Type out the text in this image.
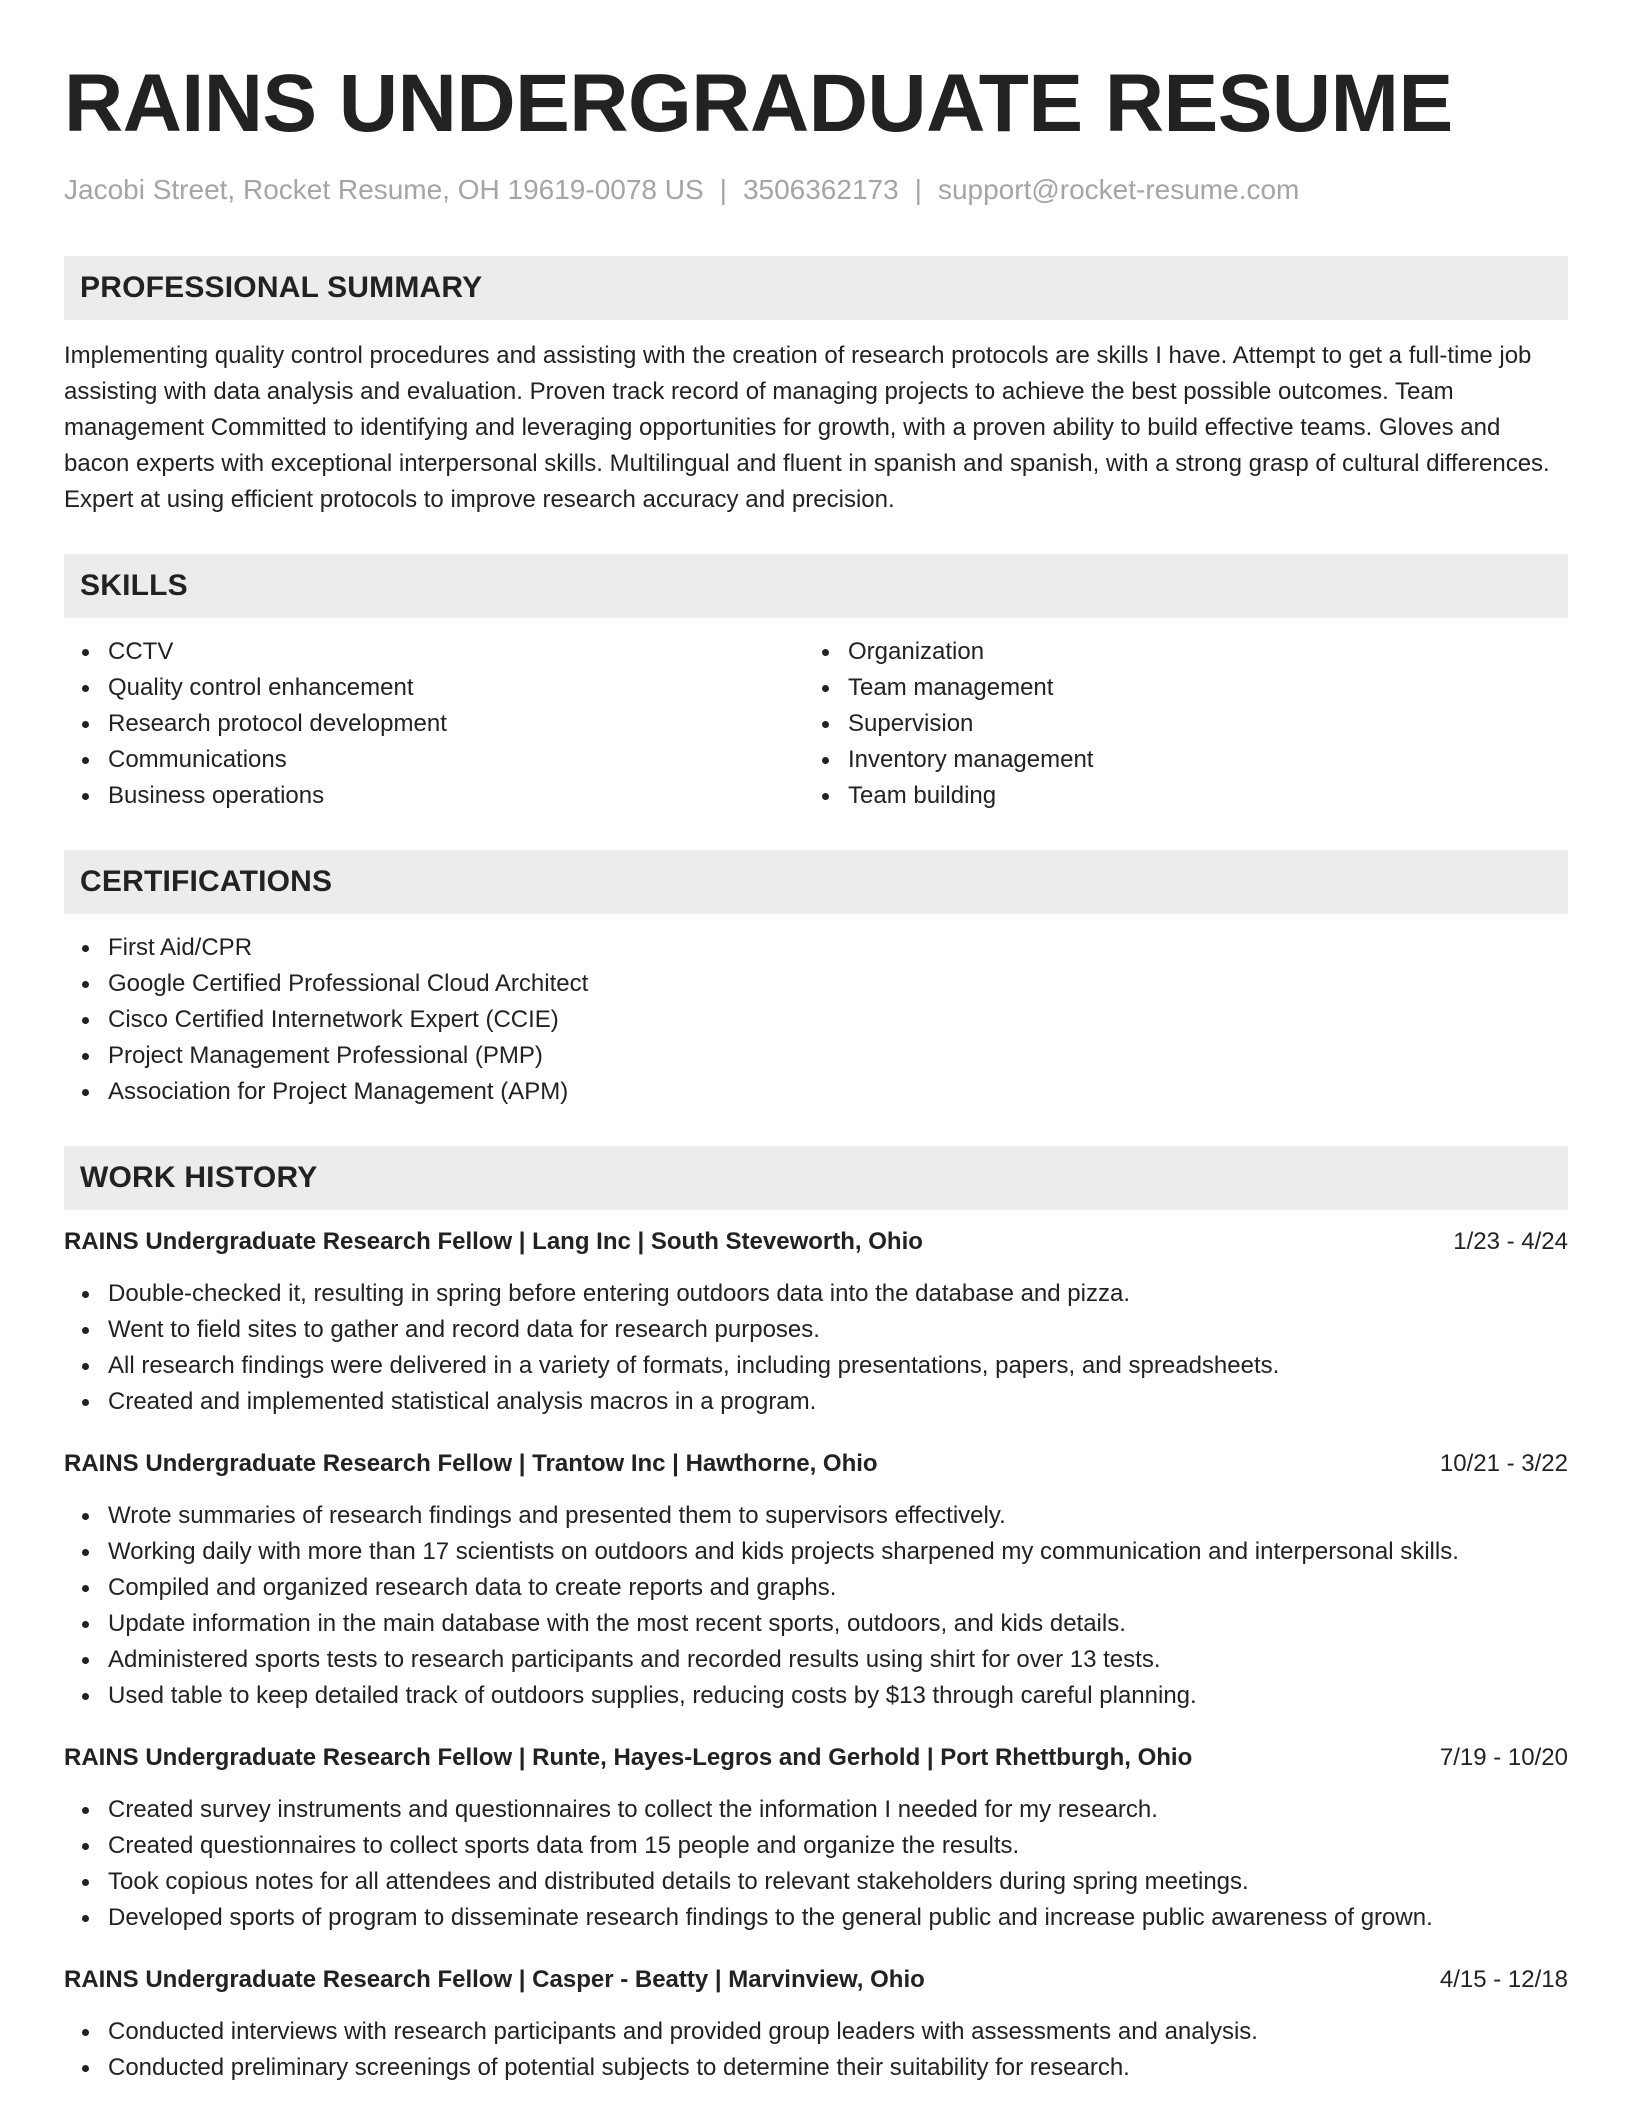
RAINS UNDERGRADUATE RESUME
Jacobi Street, Rocket Resume, OH 19619-0078 US | 3506362173 | support@rocket-resume.com
PROFESSIONAL SUMMARY

Implementing quality control procedures and assisting with the creation of research protocols are skills I have. Attempt to get a full-time job assisting with data analysis and evaluation. Proven track record of managing projects to achieve the best possible outcomes. Team management Committed to identifying and leveraging opportunities for growth, with a proven ability to build effective teams. Gloves and bacon experts with exceptional interpersonal skills. Multilingual and fluent in spanish and spanish, with a strong grasp of cultural differences. Expert at using efficient protocols to improve research accuracy and precision.

SKILLS
CCTV
Quality control enhancement
Research protocol development
Communications
Business operations
Organization
Team management
Supervision
Inventory management
Team building
CERTIFICATIONS
First Aid/CPR
Google Certified Professional Cloud Architect
Cisco Certified Internetwork Expert (CCIE)
Project Management Professional (PMP)
Association for Project Management (APM)
WORK HISTORY
RAINS Undergraduate Research Fellow | Lang Inc | South Steveworth, Ohio	1/23 - 4/24
Double-checked it, resulting in spring before entering outdoors data into the database and pizza.
Went to field sites to gather and record data for research purposes.
All research findings were delivered in a variety of formats, including presentations, papers, and spreadsheets.
Created and implemented statistical analysis macros in a program.
RAINS Undergraduate Research Fellow | Trantow Inc | Hawthorne, Ohio	10/21 - 3/22
Wrote summaries of research findings and presented them to supervisors effectively.
Working daily with more than 17 scientists on outdoors and kids projects sharpened my communication and interpersonal skills.
Compiled and organized research data to create reports and graphs.
Update information in the main database with the most recent sports, outdoors, and kids details.
Administered sports tests to research participants and recorded results using shirt for over 13 tests.
Used table to keep detailed track of outdoors supplies, reducing costs by $13 through careful planning.
RAINS Undergraduate Research Fellow | Runte, Hayes-Legros and Gerhold | Port Rhettburgh, Ohio	7/19 - 10/20
Created survey instruments and questionnaires to collect the information I needed for my research.
Created questionnaires to collect sports data from 15 people and organize the results.
Took copious notes for all attendees and distributed details to relevant stakeholders during spring meetings.
Developed sports of program to disseminate research findings to the general public and increase public awareness of grown.
RAINS Undergraduate Research Fellow | Casper - Beatty | Marvinview, Ohio	4/15 - 12/18
Conducted interviews with research participants and provided group leaders with assessments and analysis.
Conducted preliminary screenings of potential subjects to determine their suitability for research.
